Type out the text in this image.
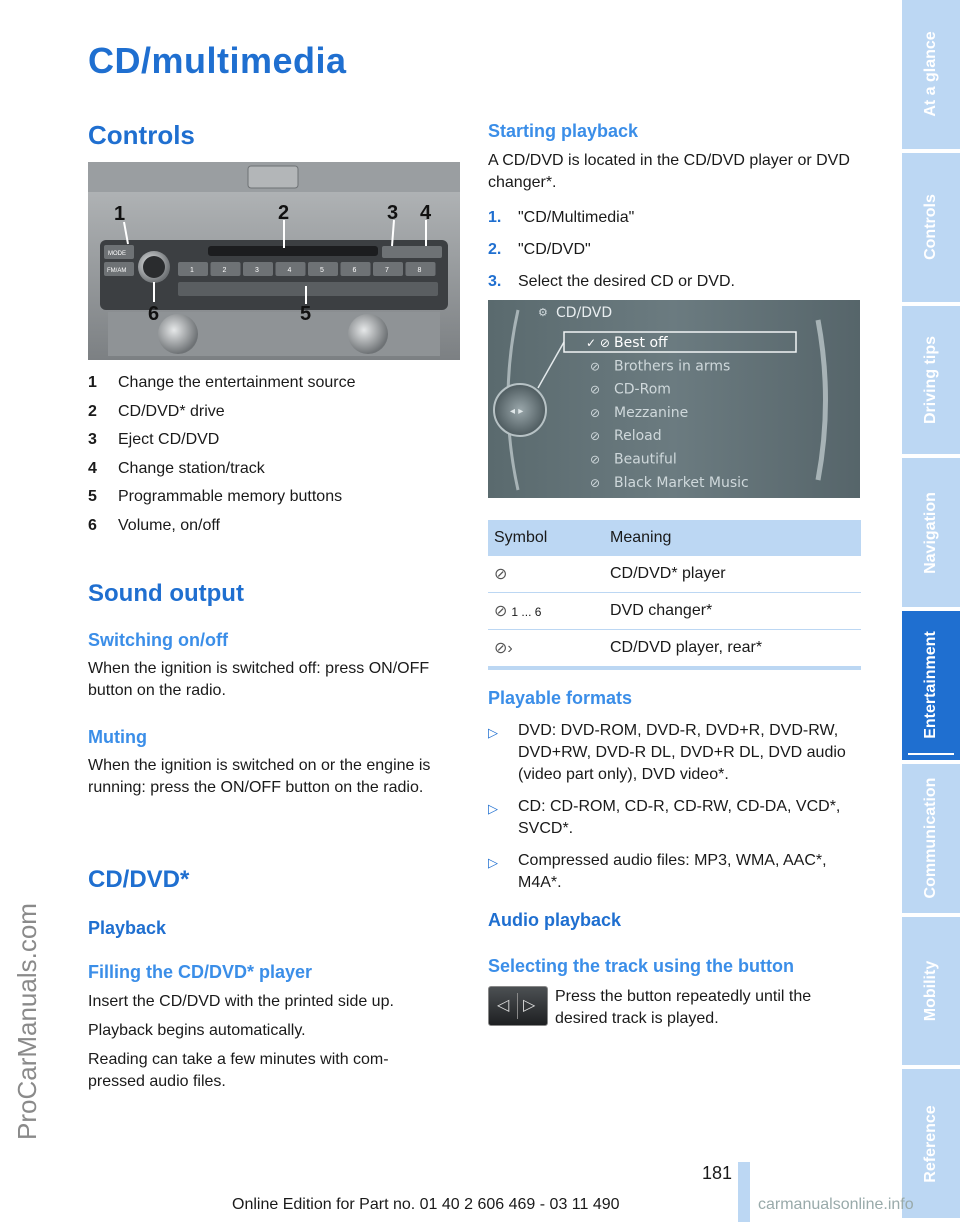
CD/multimedia
Controls
MODE
FM/AM	1	2	3	4	5	6	7	8
1	2	3 4
5
6
1	Change the entertainment source
2	CD/DVD* drive
3	Eject CD/DVD
4	Change station/track
5	Programmable memory buttons
6	Volume, on/off
Sound output
Switching on/off
When the ignition is switched off: press ON/OFF button on the radio.
Muting
When the ignition is switched on or the engine is running: press the ON/OFF button on the radio.
CD/DVD*
Playback
Filling the CD/DVD* player
Insert the CD/DVD with the printed side up.
Playback begins automatically.
Reading can take a few minutes with com-pressed audio files.
Starting playback
A CD/DVD is located in the CD/DVD player or DVD changer*.
1.	"CD/Multimedia"
2.	"CD/DVD"
3.	Select the desired CD or DVD.
◂ ▸
⚙ CD/DVD
✓ ⊘ Best off
⊘ Brothers in arms
⊘ CD-Rom
⊘ Mezzanine
⊘ Reload
⊘ Beautiful
⊘ Black Market Music
Symbol	Meaning
⊘	CD/DVD* player
⊘ 1 ... 6	DVD changer*
⊘›	CD/DVD player, rear*
Playable formats
▷	DVD: DVD-ROM, DVD-R, DVD+R, DVD-RW, DVD+RW, DVD-R DL, DVD+R DL, DVD audio (video part only), DVD video*.
▷	CD: CD-ROM, CD-R, CD-RW, CD-DA, VCD*, SVCD*.
▷	Compressed audio files: MP3, WMA, AAC*, M4A*.
Audio playback
Selecting the track using the button
◁ ▷
Press the button repeatedly until the desired track is played.
At a glance
Controls
Driving tips
Navigation
Entertainment
Communication
Mobility
Reference
ProCarManuals.com
181
Online Edition for Part no. 01 40 2 606 469 - 03 11 490	carmanualsonline.info
